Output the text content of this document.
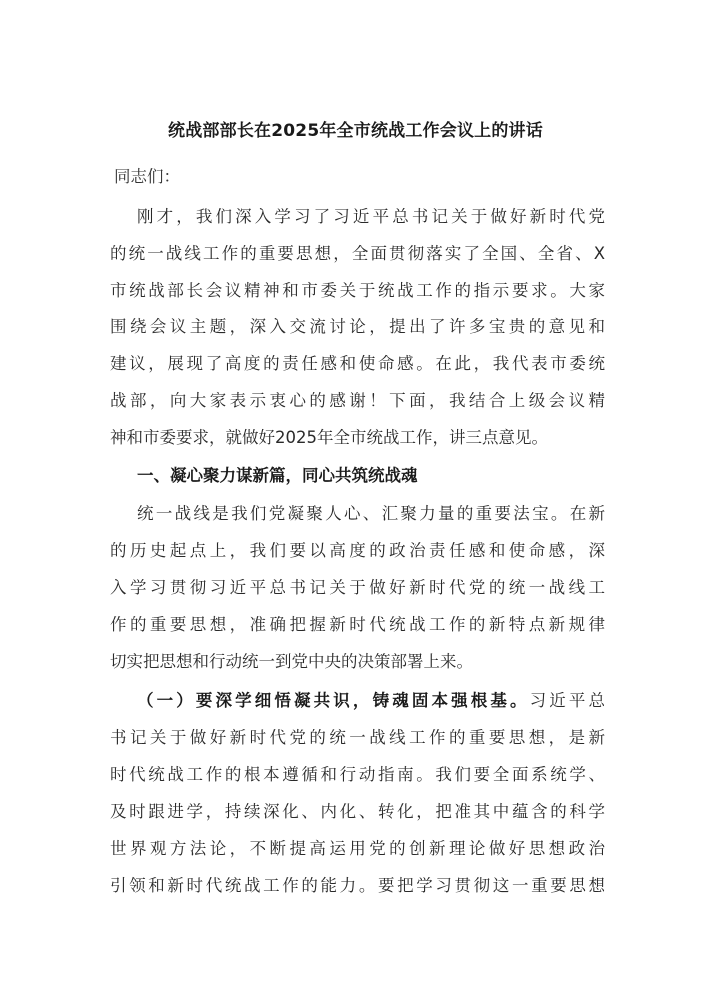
统战部部长在2025年全市统战工作会议上的讲话
同志们：
刚才，我们深入学习了习近平总书记关于做好新时代党
的统一战线工作的重要思想，全面贯彻落实了全国、全省、X
市统战部长会议精神和市委关于统战工作的指示要求。大家
围绕会议主题，深入交流讨论，提出了许多宝贵的意见和
建议，展现了高度的责任感和使命感。在此，我代表市委统
战部，向大家表示衷心的感谢！下面，我结合上级会议精
神和市委要求，就做好2025年全市统战工作，讲三点意见。
一、凝心聚力谋新篇，同心共筑统战魂
统一战线是我们党凝聚人心、汇聚力量的重要法宝。在新
的历史起点上，我们要以高度的政治责任感和使命感，深
入学习贯彻习近平总书记关于做好新时代党的统一战线工
作的重要思想，准确把握新时代统战工作的新特点新规律
切实把思想和行动统一到党中央的决策部署上来。
（一）要深学细悟凝共识，铸魂固本强根基。习近平总
书记关于做好新时代党的统一战线工作的重要思想，是新
时代统战工作的根本遵循和行动指南。我们要全面系统学、
及时跟进学，持续深化、内化、转化，把准其中蕴含的科学
世界观方法论，不断提高运用党的创新理论做好思想政治
引领和新时代统战工作的能力。要把学习贯彻这一重要思想
